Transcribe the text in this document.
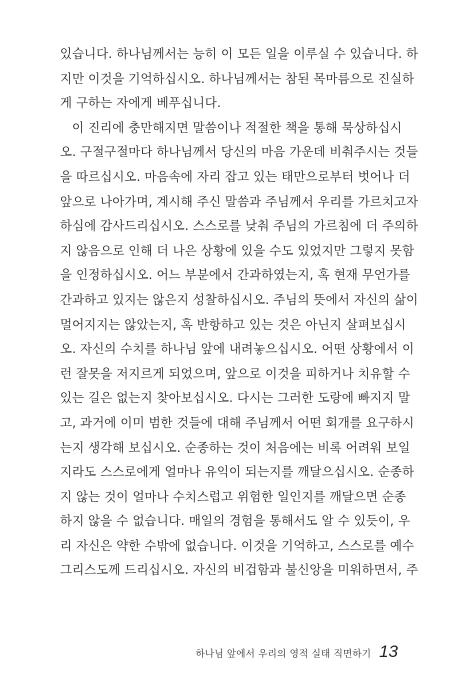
있습니다. 하나님께서는 능히 이 모든 일을 이루실 수 있습니다. 하
지만 이것을 기억하십시오. 하나님께서는 참된 목마름으로 진실하
게 구하는 자에게 베푸십니다.
이 진리에 충만해지면 말씀이나 적절한 책을 통해 묵상하십시
오. 구절구절마다 하나님께서 당신의 마음 가운데 비춰주시는 것들
을 따르십시오. 마음속에 자리 잡고 있는 태만으로부터 벗어나 더
앞으로 나아가며, 계시해 주신 말씀과 주님께서 우리를 가르치고자
하심에 감사드리십시오. 스스로를 낮춰 주님의 가르침에 더 주의하
지 않음으로 인해 더 나은 상황에 있을 수도 있었지만 그렇지 못함
을 인정하십시오. 어느 부분에서 간과하였는지, 혹 현재 무언가를
간과하고 있지는 않은지 성찰하십시오. 주님의 뜻에서 자신의 삶이
멀어지지는 않았는지, 혹 반항하고 있는 것은 아닌지 살펴보십시
오. 자신의 수치를 하나님 앞에 내려놓으십시오. 어떤 상황에서 이
런 잘못을 저지르게 되었으며, 앞으로 이것을 피하거나 치유할 수
있는 길은 없는지 찾아보십시오. 다시는 그러한 도랑에 빠지지 말
고, 과거에 이미 범한 것들에 대해 주님께서 어떤 회개를 요구하시
는지 생각해 보십시오. 순종하는 것이 처음에는 비록 어려워 보일
지라도 스스로에게 얼마나 유익이 되는지를 깨달으십시오. 순종하
지 않는 것이 얼마나 수치스럽고 위험한 일인지를 깨달으면 순종
하지 않을 수 없습니다. 매일의 경험을 통해서도 알 수 있듯이, 우
리 자신은 약한 수밖에 없습니다. 이것을 기억하고, 스스로를 예수
그리스도께 드리십시오. 자신의 비겁함과 불신앙을 미워하면서, 주
하나님 앞에서 우리의 영적 실태 직면하기 13
